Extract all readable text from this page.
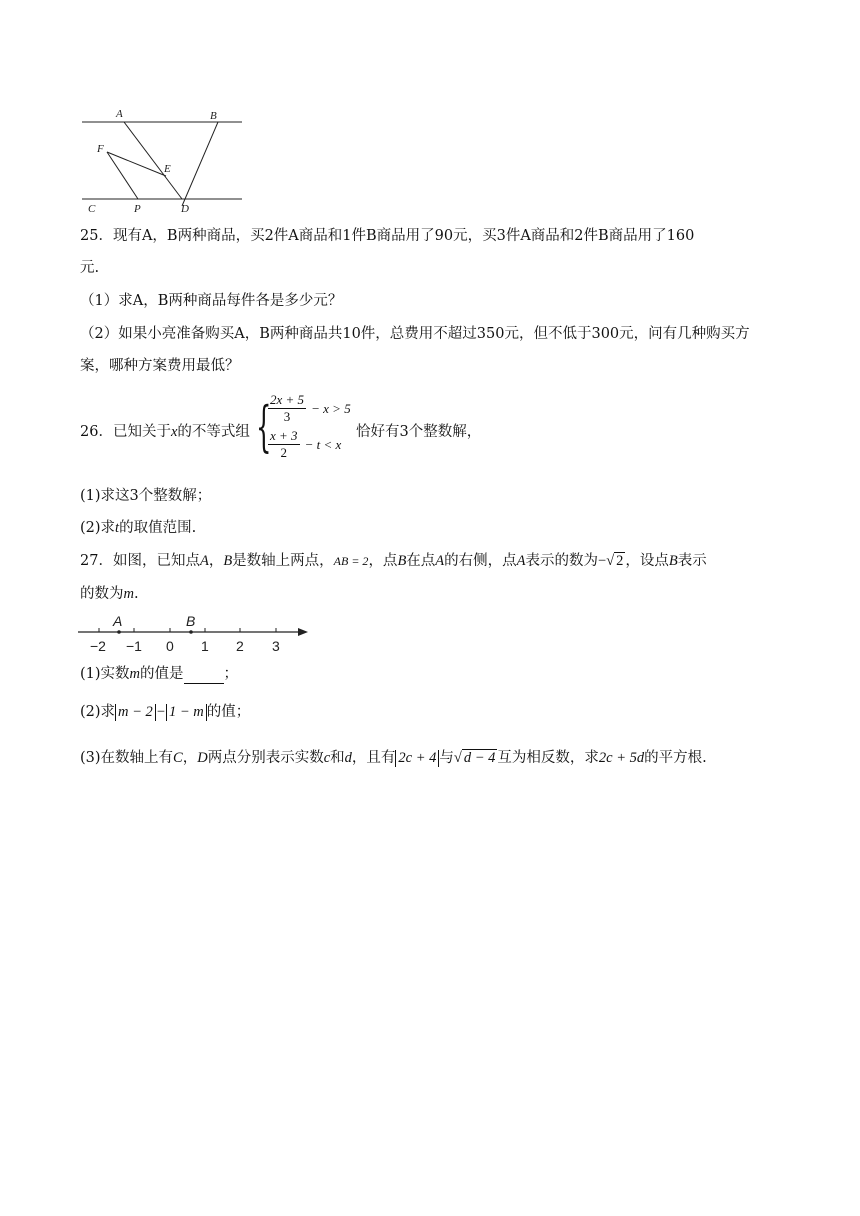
A	B
F
E
C	P	D
25．现有A，B两种商品，买2件A商品和1件B商品用了90元，买3件A商品和2件B商品用了160
元.
（1）求A，B两种商品每件各是多少元？
（2）如果小亮准备购买A，B两种商品共10件，总费用不超过350元，但不低于300元，问有几种购买方
案，哪种方案费用最低？
26．已知关于x的不等式组 {
$\frac{2x + 5}{3} - x > 5$
$\frac{x + 3}{2} - t < x$
恰好有3个整数解，
(1)求这3个整数解；
(2)求t的取值范围.
27．如图，已知点A，B是数轴上两点，AB = 2，点B在点A的右侧，点A表示的数为−√ 2 ，设点B表示
的数为m.
A	B
−2 −1 0 1 2 3
(1)实数m的值是	；
(2)求 m − 2 − 1 − m 的值；
(3)在数轴上有C，D两点分别表示实数c和d，且有 2c + 4 与√ d − 4 互为相反数，求2c + 5d的平方根.
